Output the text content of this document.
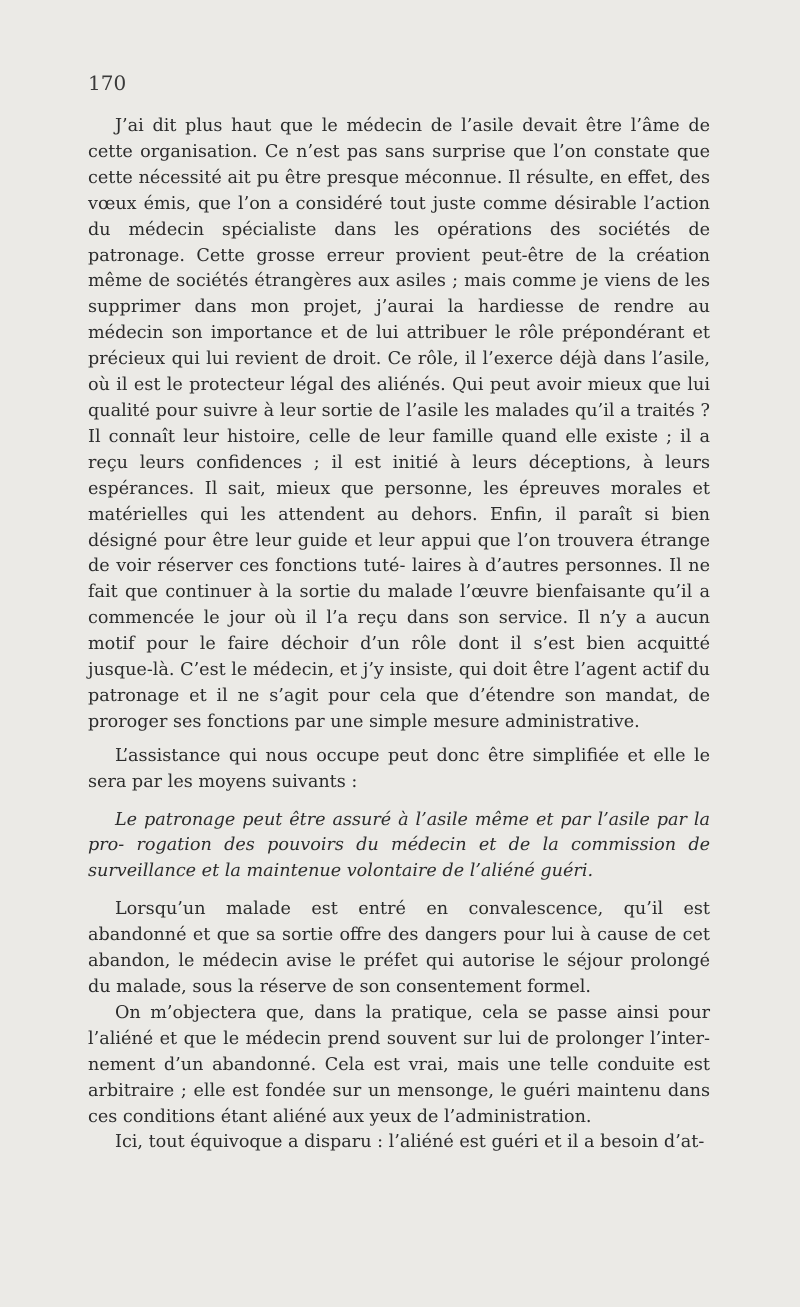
170

J’ai dit plus haut que le médecin de l’asile devait être l’âme de cette organisation. Ce n’est pas sans surprise que l’on constate que cette nécessité ait pu être presque méconnue. Il résulte, en effet, des vœux émis, que l’on a considéré tout juste comme désirable l’action du médecin spécialiste dans les opérations des sociétés de patronage. Cette grosse erreur provient peut-être de la création même de sociétés étrangères aux asiles ; mais comme je viens de les supprimer dans mon projet, j’aurai la hardiesse de rendre au médecin son importance et de lui attribuer le rôle prépondérant et précieux qui lui revient de droit. Ce rôle, il l’exerce déjà dans l’asile, où il est le protecteur légal des aliénés. Qui peut avoir mieux que lui qualité pour suivre à leur sortie de l’asile les malades qu’il a traités ? Il connaît leur histoire, celle de leur famille quand elle existe ; il a reçu leurs confidences ; il est initié à leurs déceptions, à leurs espérances. Il sait, mieux que personne, les épreuves morales et matérielles qui les attendent au dehors. Enfin, il paraît si bien désigné pour être leur guide et leur appui que l’on trouvera étrange de voir réserver ces fonctions tuté- laires à d’autres personnes. Il ne fait que continuer à la sortie du malade l’œuvre bienfaisante qu’il a commencée le jour où il l’a reçu dans son service. Il n’y a aucun motif pour le faire déchoir d’un rôle dont il s’est bien acquitté jusque-là. C’est le médecin, et j’y insiste, qui doit être l’agent actif du patronage et il ne s’agit pour cela que d’étendre son mandat, de proroger ses fonctions par une simple mesure administrative.

L’assistance qui nous occupe peut donc être simplifiée et elle le sera par les moyens suivants :

Le patronage peut être assuré à l’asile même et par l’asile par la pro- rogation des pouvoirs du médecin et de la commission de surveillance et la maintenue volontaire de l’aliéné guéri.

Lorsqu’un malade est entré en convalescence, qu’il est abandonné et que sa sortie offre des dangers pour lui à cause de cet abandon, le médecin avise le préfet qui autorise le séjour prolongé du malade, sous la réserve de son consentement formel.

On m’objectera que, dans la pratique, cela se passe ainsi pour l’aliéné et que le médecin prend souvent sur lui de prolonger l’inter- nement d’un abandonné. Cela est vrai, mais une telle conduite est arbitraire ; elle est fondée sur un mensonge, le guéri maintenu dans ces conditions étant aliéné aux yeux de l’administration.

Ici, tout équivoque a disparu : l’aliéné est guéri et il a besoin d’at-
